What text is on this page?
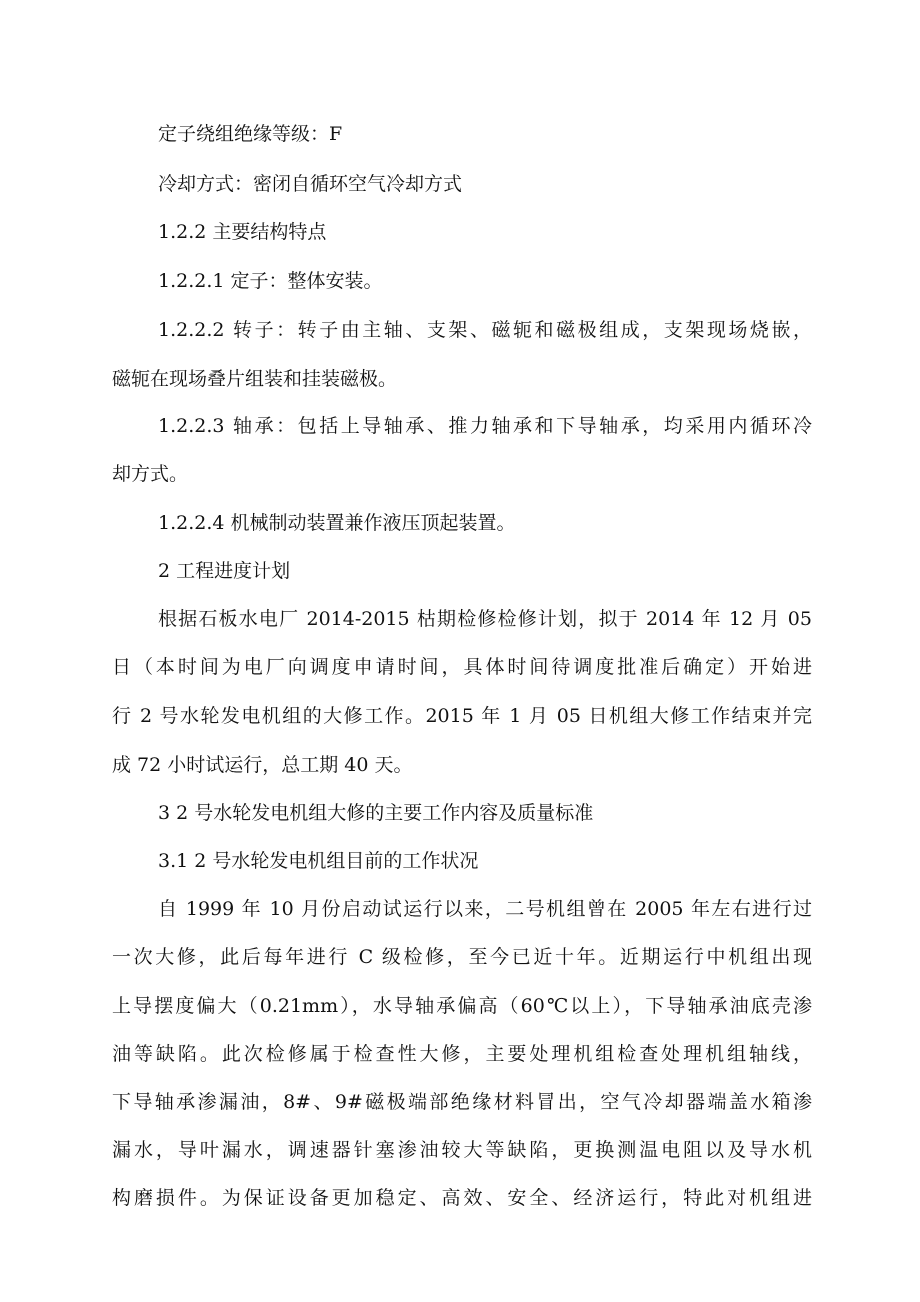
定子绕组绝缘等级：F
冷却方式：密闭自循环空气冷却方式
1.2.2 主要结构特点
1.2.2.1 定子：整体安装。
1.2.2.2 转子：转子由主轴、支架、磁轭和磁极组成，支架现场烧嵌，
磁轭在现场叠片组装和挂装磁极。
1.2.2.3 轴承：包括上导轴承、推力轴承和下导轴承，均采用内循环冷
却方式。
1.2.2.4 机械制动装置兼作液压顶起装置。
2 工程进度计划
根据石板水电厂 2014-2015 枯期检修检修计划，拟于 2014 年 12 月 05
日（本时间为电厂向调度申请时间，具体时间待调度批准后确定）开始进
行 2 号水轮发电机组的大修工作。2015 年 1 月 05 日机组大修工作结束并完
成 72 小时试运行，总工期 40 天。
3 2 号水轮发电机组大修的主要工作内容及质量标准
3.1 2 号水轮发电机组目前的工作状况
自 1999 年 10 月份启动试运行以来，二号机组曾在 2005 年左右进行过
一次大修，此后每年进行 C 级检修，至今已近十年。近期运行中机组出现
上导摆度偏大（0.21mm），水导轴承偏高（60℃以上），下导轴承油底壳渗
油等缺陷。此次检修属于检查性大修，主要处理机组检查处理机组轴线，
下导轴承渗漏油，8#、9#磁极端部绝缘材料冒出，空气冷却器端盖水箱渗
漏水，导叶漏水，调速器针塞渗油较大等缺陷，更换测温电阻以及导水机
构磨损件。为保证设备更加稳定、高效、安全、经济运行，特此对机组进
